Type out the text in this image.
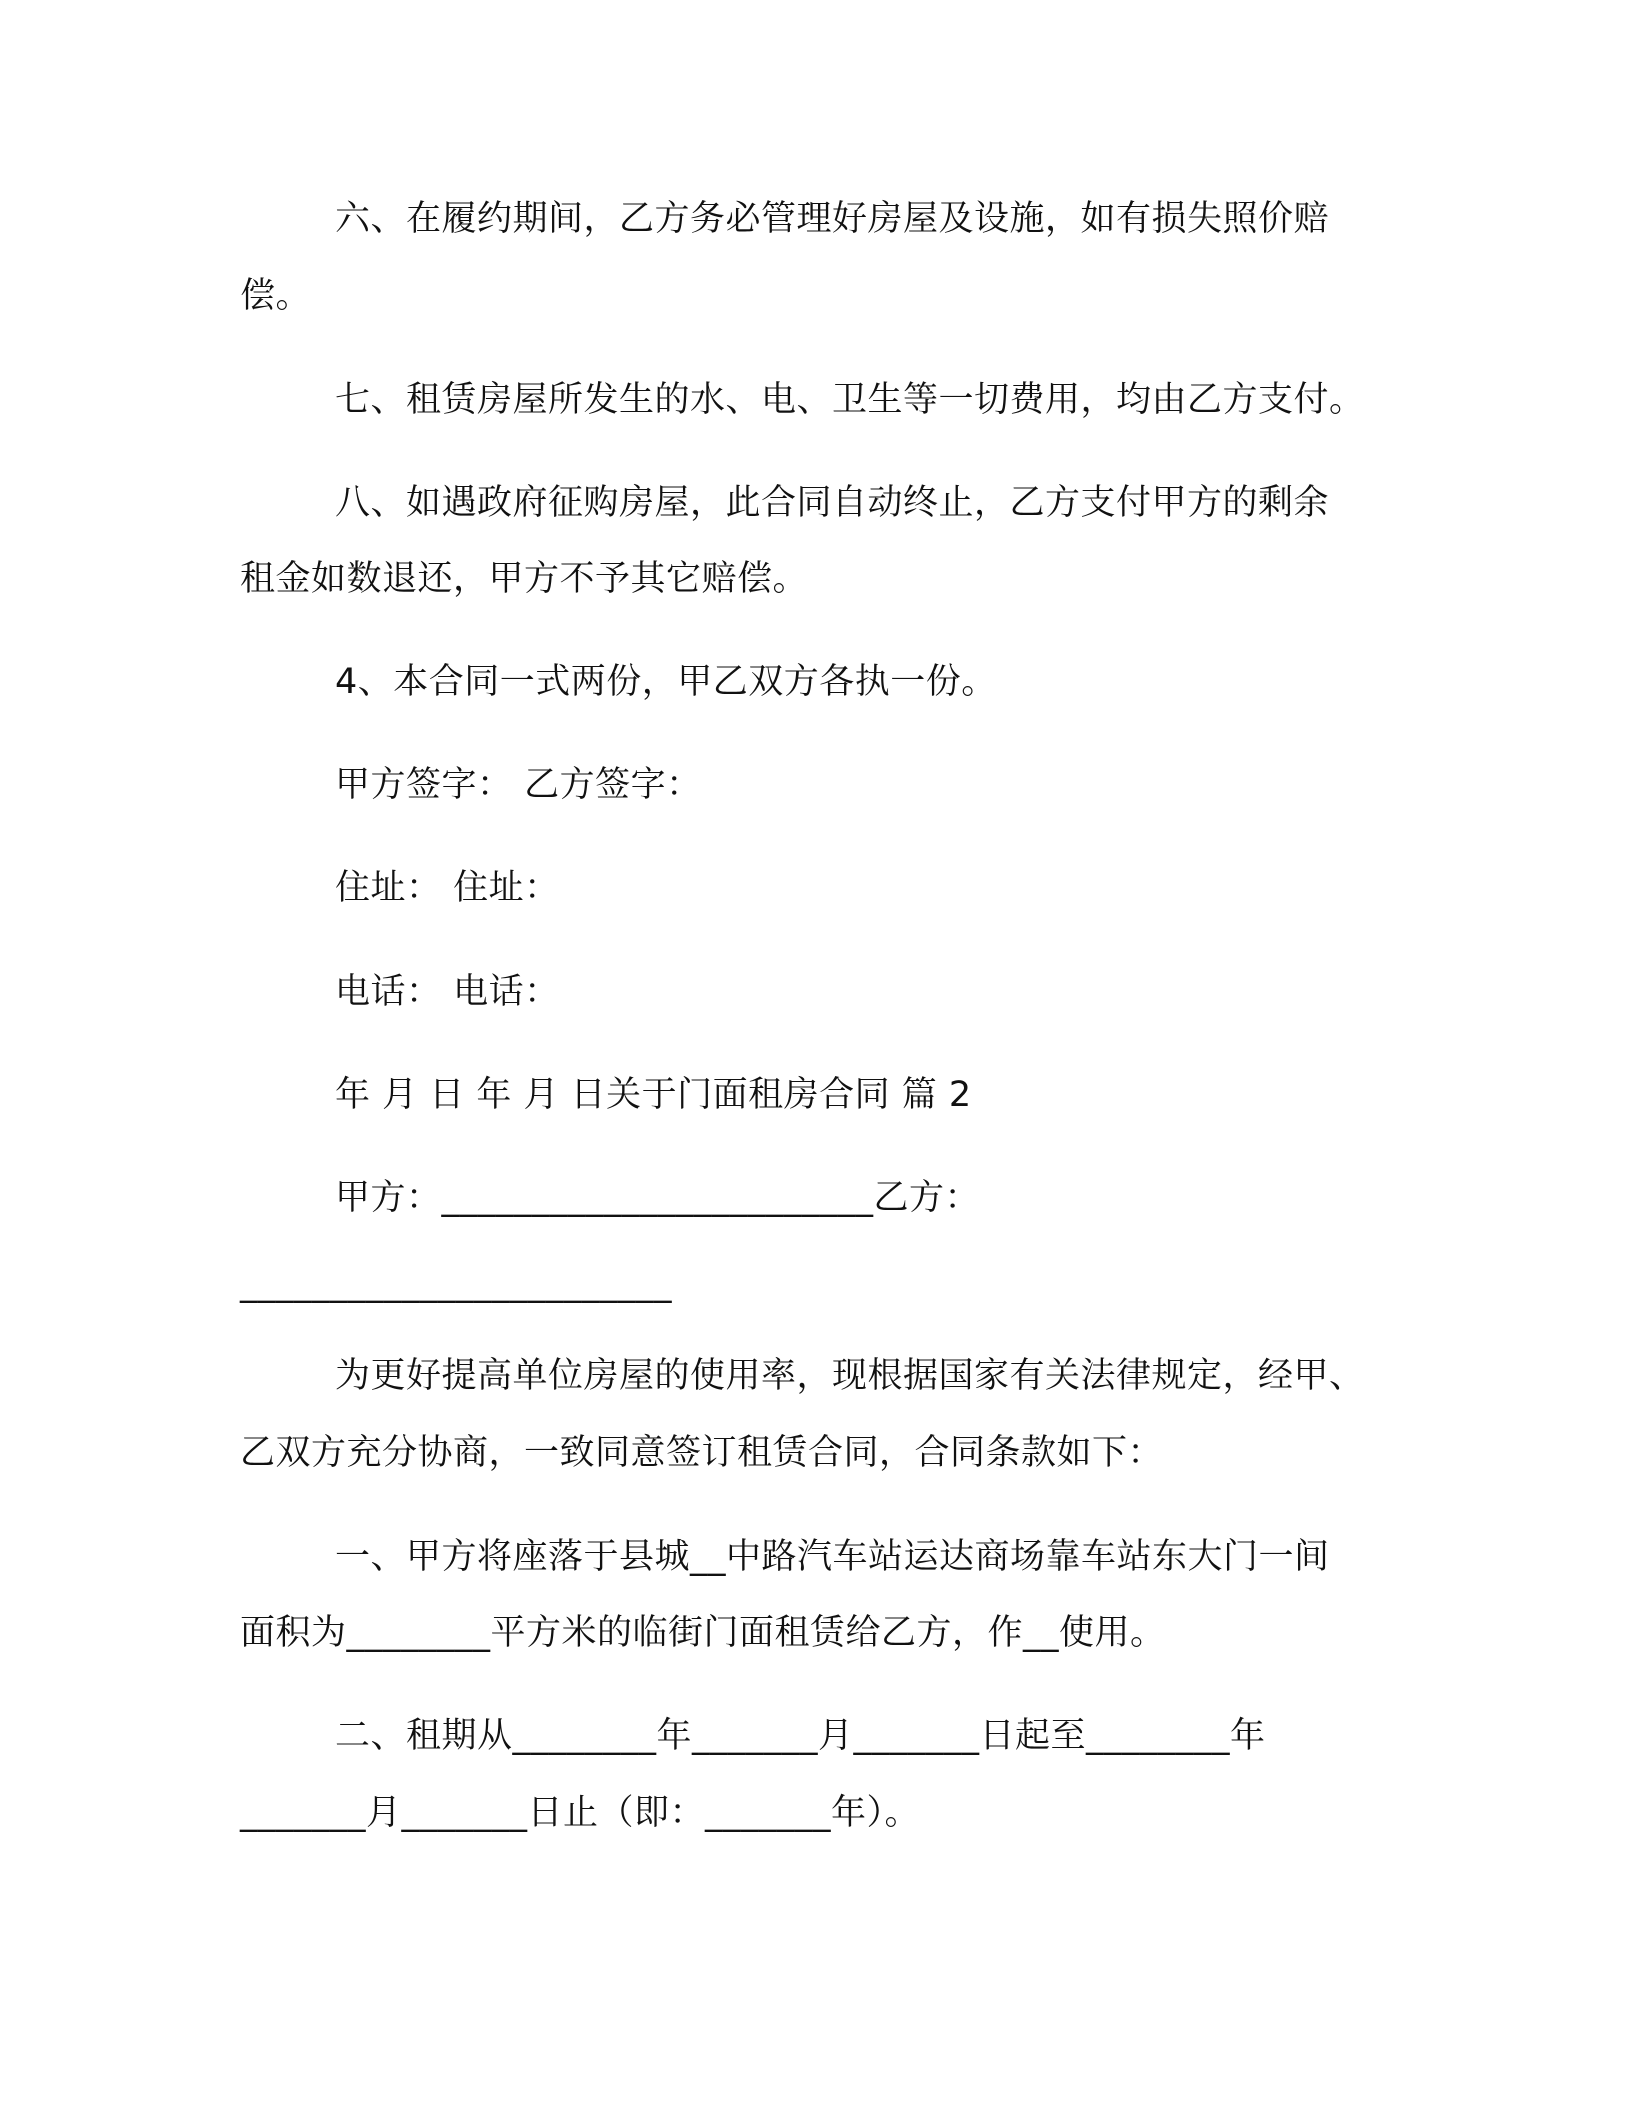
六、在履约期间，乙方务必管理好房屋及设施，如有损失照价赔
偿。
七、租赁房屋所发生的水、电、卫生等一切费用，均由乙方支付。
八、如遇政府征购房屋，此合同自动终止，乙方支付甲方的剩余
租金如数退还，甲方不予其它赔偿。
4、本合同一式两份，甲乙双方各执一份。
甲方签字： 乙方签字：
住址： 住址：
电话： 电话：
年 月 日 年 月 日关于门面租房合同 篇 2
甲方：________________________乙方：
________________________
为更好提高单位房屋的使用率，现根据国家有关法律规定，经甲、
乙双方充分协商，一致同意签订租赁合同，合同条款如下：
一、甲方将座落于县城__中路汽车站运达商场靠车站东大门一间
面积为________平方米的临街门面租赁给乙方，作__使用。
二、租期从________年_______月_______日起至________年
_______月_______日止（即：_______年）。
